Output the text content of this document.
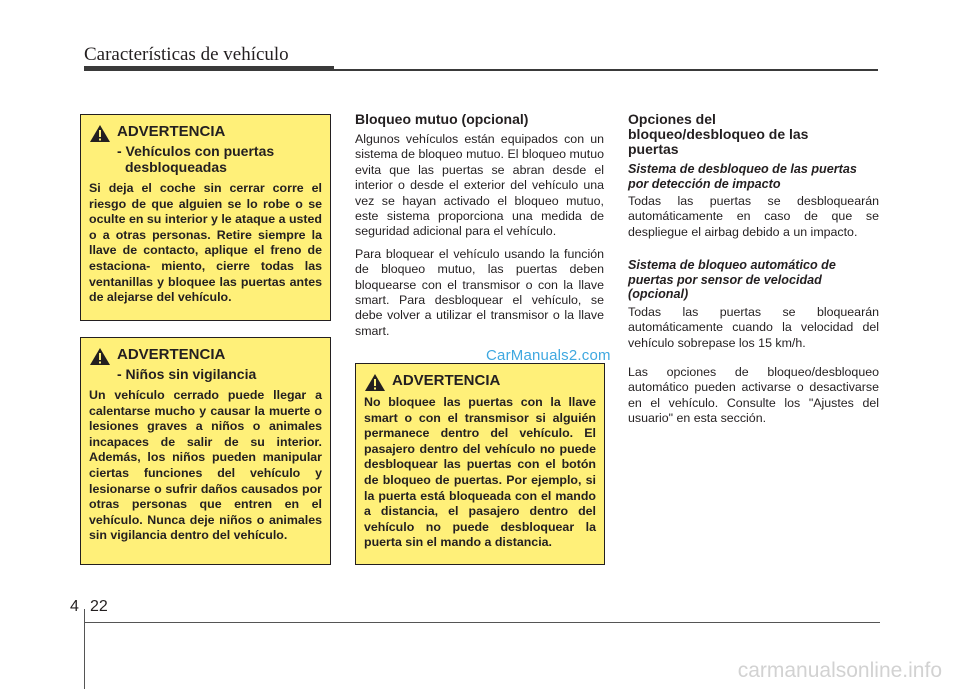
Características de vehículo
ADVERTENCIA
- Vehículos con puertas desbloqueadas
Si deja el coche sin cerrar corre el riesgo de que alguien se lo robe o se oculte en su interior y le ataque a usted o a otras personas. Retire siempre la llave de contacto, aplique el freno de estaciona- miento, cierre todas las ventanillas y bloquee las puertas antes de alejarse del vehículo.
ADVERTENCIA
- Niños sin vigilancia
Un vehículo cerrado puede llegar a calentarse mucho y causar la muerte o lesiones graves a niños o animales incapaces de salir de su interior. Además, los niños pueden manipular ciertas funciones del vehículo y lesionarse o sufrir daños causados por otras personas que entren en el vehículo. Nunca deje niños o animales sin vigilancia dentro del vehículo.
Bloqueo mutuo (opcional)

Algunos vehículos están equipados con un sistema de bloqueo mutuo. El bloqueo mutuo evita que las puertas se abran desde el interior o desde el exterior del vehículo una vez se hayan activado el bloqueo mutuo, este sistema proporciona una medida de seguridad adicional para el vehículo.

Para bloquear el vehículo usando la función de bloqueo mutuo, las puertas deben bloquearse con el transmisor o con la llave smart. Para desbloquear el vehículo, se debe volver a utilizar el transmisor o la llave smart.

ADVERTENCIA
No bloquee las puertas con la llave smart o con el transmisor si alguién permanece dentro del vehículo. El pasajero dentro del vehículo no puede desbloquear las puertas con el botón de bloqueo de puertas. Por ejemplo, si la puerta está bloqueada con el mando a distancia, el pasajero dentro del vehículo no puede desbloquear la puerta sin el mando a distancia.
Opciones del bloqueo/desbloqueo de las puertas
Sistema de desbloqueo de las puertas por detección de impacto

Todas las puertas se desbloquearán automáticamente en caso de que se despliegue el airbag debido a un impacto.

Sistema de bloqueo automático de puertas por sensor de velocidad (opcional)

Todas las puertas se bloquearán automáticamente cuando la velocidad del vehículo sobrepase los 15 km/h.

Las opciones de bloqueo/desbloqueo automático pueden activarse o desactivarse en el vehículo. Consulte los "Ajustes del usuario" en esta sección.

CarManuals2.com
4 22
carmanualsonline.info
